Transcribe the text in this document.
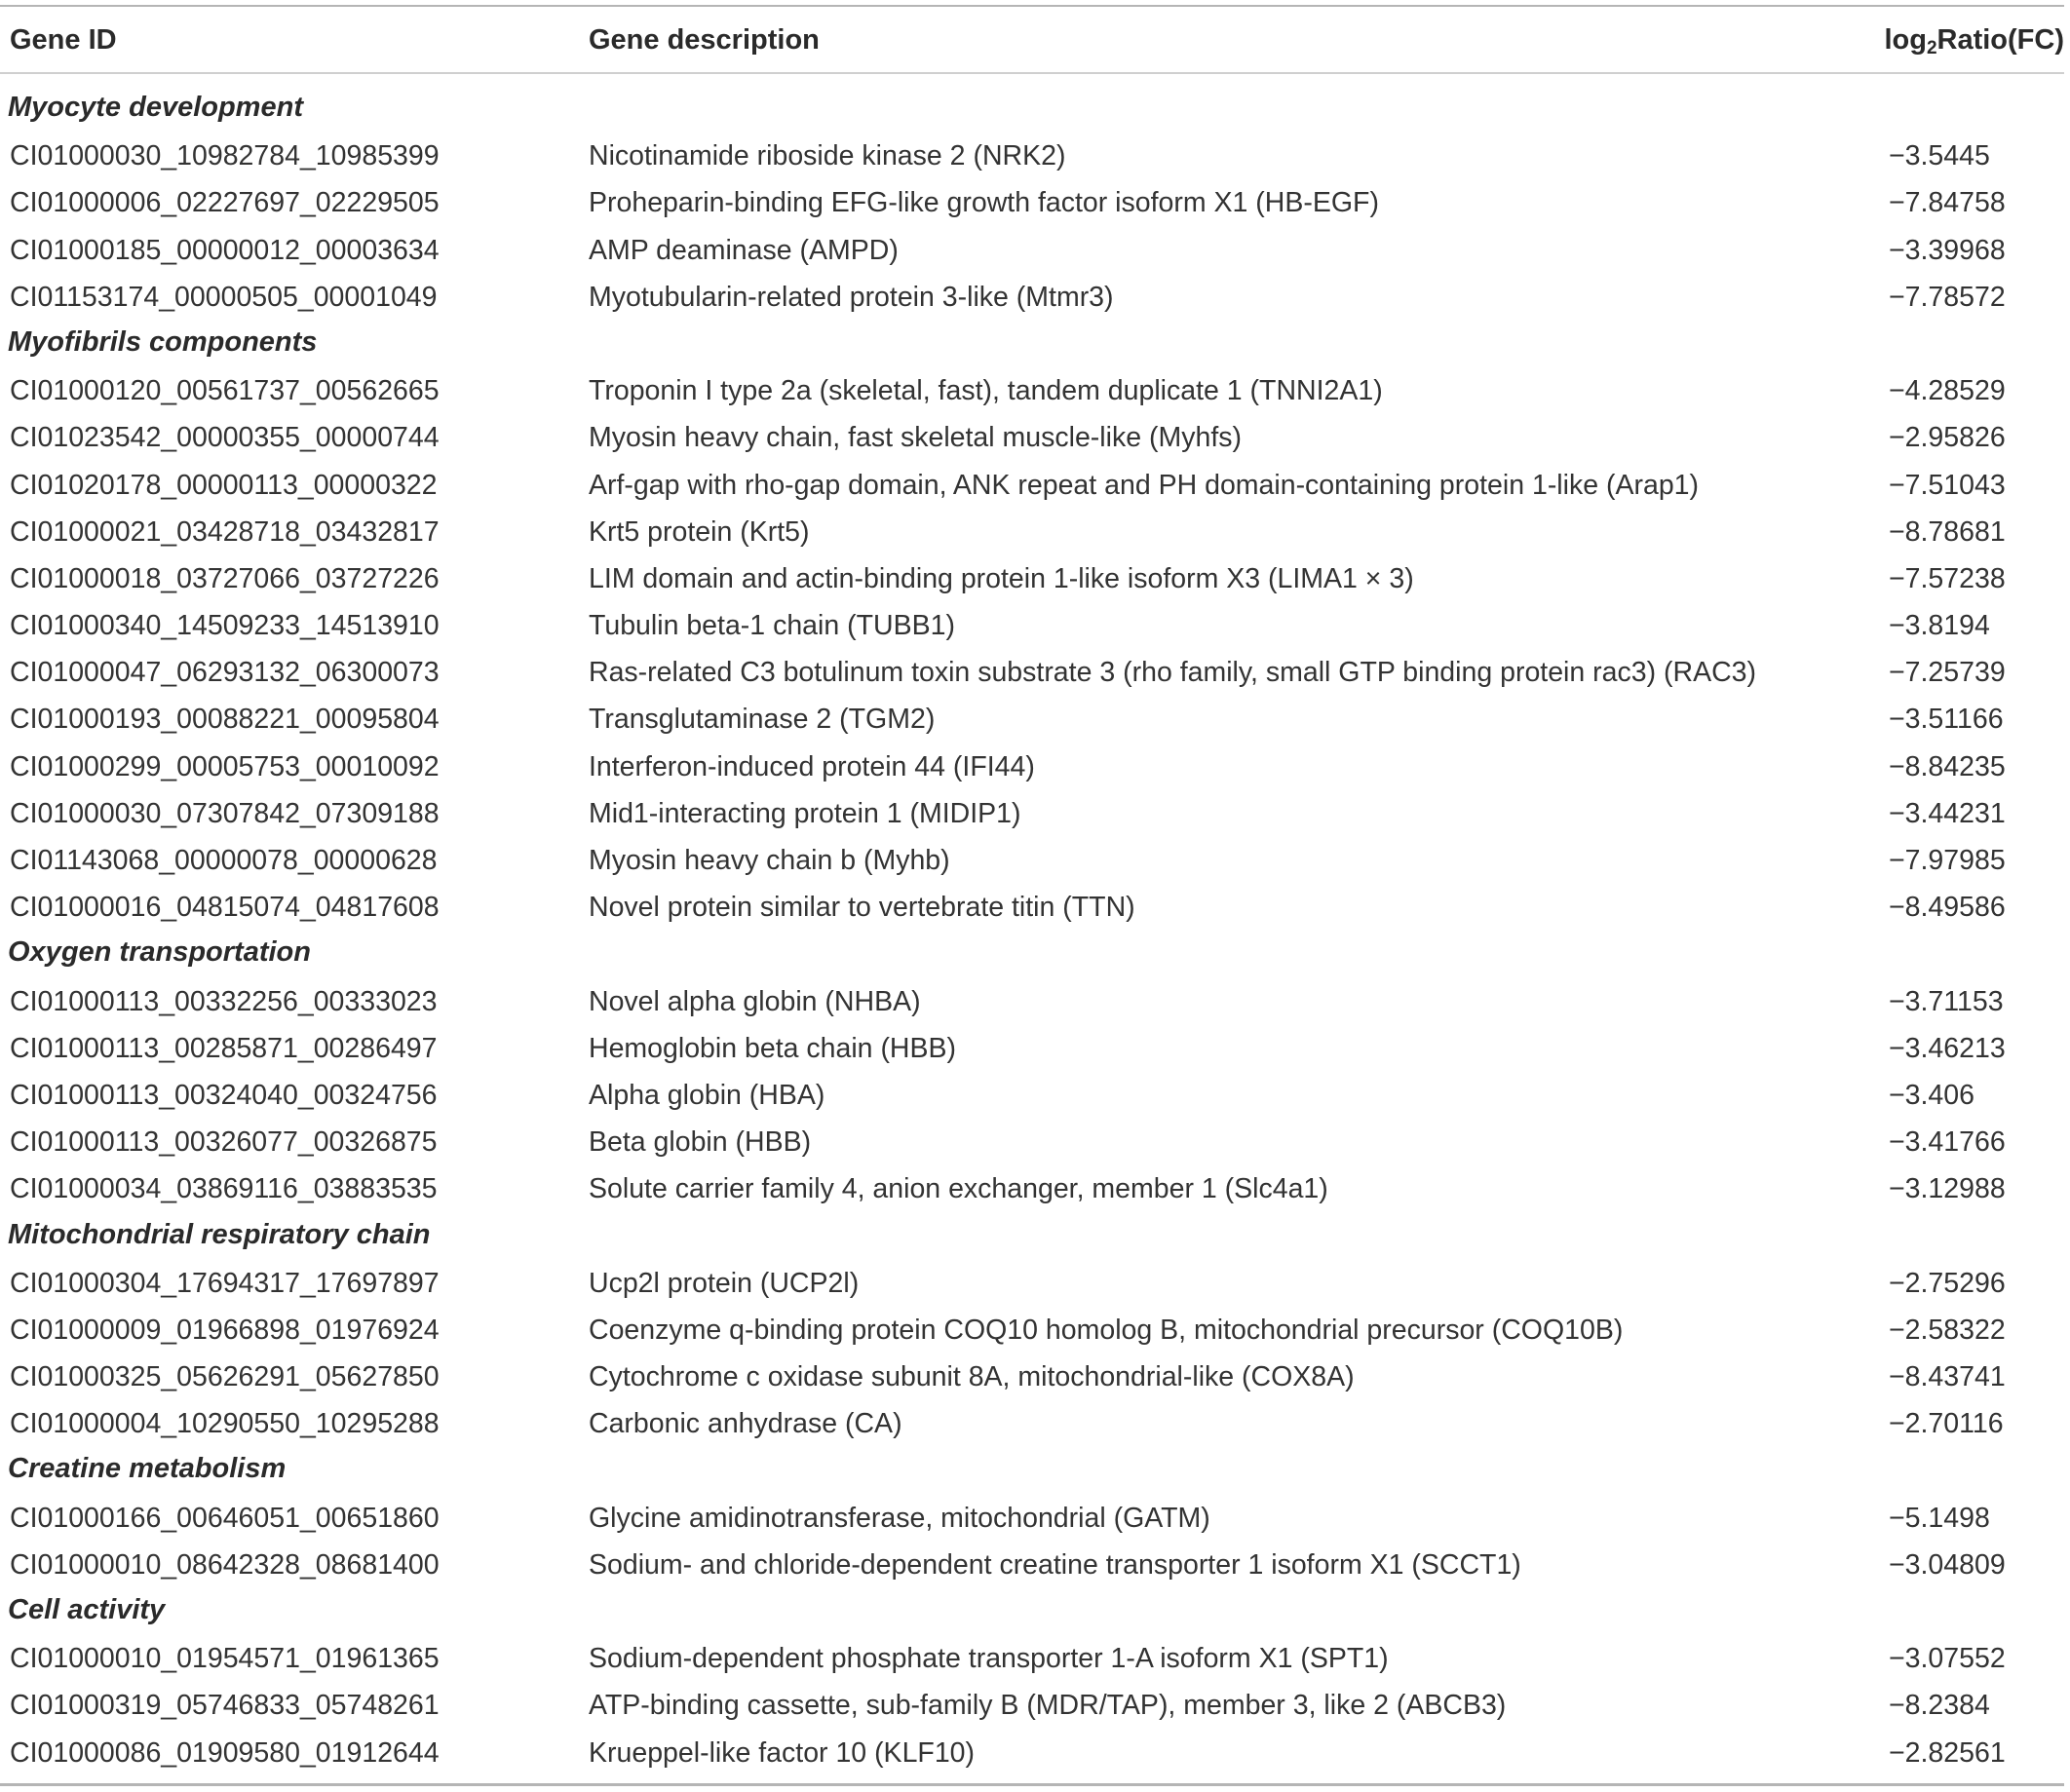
Gene ID	Gene description	$\log_2Ratio(FC)$
Myocyte development
CI01000030_10982784_10985399	Nicotinamide riboside kinase 2 (NRK2)	−3.5445
CI01000006_02227697_02229505	Proheparin-binding EFG-like growth factor isoform X1 (HB-EGF)	−7.84758
CI01000185_00000012_00003634	AMP deaminase (AMPD)	−3.39968
CI01153174_00000505_00001049	Myotubularin-related protein 3-like (Mtmr3)	−7.78572
Myofibrils components
CI01000120_00561737_00562665	Troponin I type 2a (skeletal, fast), tandem duplicate 1 (TNNI2A1)	−4.28529
CI01023542_00000355_00000744	Myosin heavy chain, fast skeletal muscle-like (Myhfs)	−2.95826
CI01020178_00000113_00000322	Arf-gap with rho-gap domain, ANK repeat and PH domain-containing protein 1-like (Arap1)	−7.51043
CI01000021_03428718_03432817	Krt5 protein (Krt5)	−8.78681
CI01000018_03727066_03727226	LIM domain and actin-binding protein 1-like isoform X3 (LIMA1 × 3)	−7.57238
CI01000340_14509233_14513910	Tubulin beta-1 chain (TUBB1)	−3.8194
CI01000047_06293132_06300073	Ras-related C3 botulinum toxin substrate 3 (rho family, small GTP binding protein rac3) (RAC3)	−7.25739
CI01000193_00088221_00095804	Transglutaminase 2 (TGM2)	−3.51166
CI01000299_00005753_00010092	Interferon-induced protein 44 (IFI44)	−8.84235
CI01000030_07307842_07309188	Mid1-interacting protein 1 (MIDIP1)	−3.44231
CI01143068_00000078_00000628	Myosin heavy chain b (Myhb)	−7.97985
CI01000016_04815074_04817608	Novel protein similar to vertebrate titin (TTN)	−8.49586
Oxygen transportation
CI01000113_00332256_00333023	Novel alpha globin (NHBA)	−3.71153
CI01000113_00285871_00286497	Hemoglobin beta chain (HBB)	−3.46213
CI01000113_00324040_00324756	Alpha globin (HBA)	−3.406
CI01000113_00326077_00326875	Beta globin (HBB)	−3.41766
CI01000034_03869116_03883535	Solute carrier family 4, anion exchanger, member 1 (Slc4a1)	−3.12988
Mitochondrial respiratory chain
CI01000304_17694317_17697897	Ucp2l protein (UCP2l)	−2.75296
CI01000009_01966898_01976924	Coenzyme q-binding protein COQ10 homolog B, mitochondrial precursor (COQ10B)	−2.58322
CI01000325_05626291_05627850	Cytochrome c oxidase subunit 8A, mitochondrial-like (COX8A)	−8.43741
CI01000004_10290550_10295288	Carbonic anhydrase (CA)	−2.70116
Creatine metabolism
CI01000166_00646051_00651860	Glycine amidinotransferase, mitochondrial (GATM)	−5.1498
CI01000010_08642328_08681400	Sodium- and chloride-dependent creatine transporter 1 isoform X1 (SCCT1)	−3.04809
Cell activity
CI01000010_01954571_01961365	Sodium-dependent phosphate transporter 1-A isoform X1 (SPT1)	−3.07552
CI01000319_05746833_05748261	ATP-binding cassette, sub-family B (MDR/TAP), member 3, like 2 (ABCB3)	−8.2384
CI01000086_01909580_01912644	Krueppel-like factor 10 (KLF10)	−2.82561
